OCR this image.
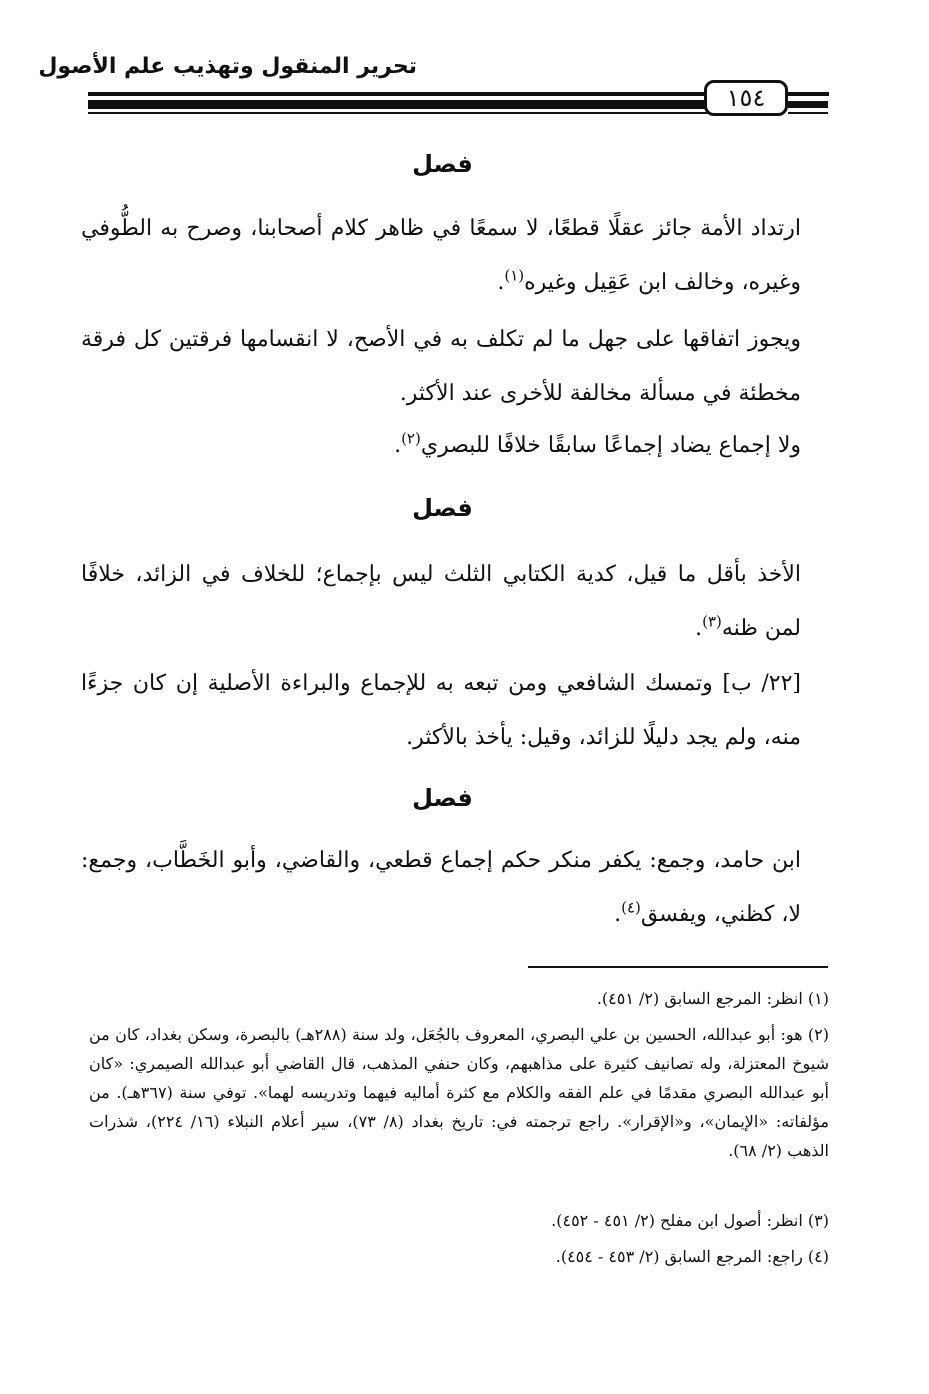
تحرير المنقول وتهذيب علم الأصول
١٥٤
فصل
ارتداد الأمة جائز عقلًا قطعًا، لا سمعًا في ظاهر كلام أصحابنا، وصرح به الطُّوفي وغيره، وخالف ابن عَقِيل وغيره$^{(١)}$.
ويجوز اتفاقها على جهل ما لم تكلف به في الأصح، لا انقسامها فرقتين كل فرقة مخطئة في مسألة مخالفة للأخرى عند الأكثر.
ولا إجماع يضاد إجماعًا سابقًا خلافًا للبصري$^{(٢)}$.
فصل
الأخذ بأقل ما قيل، كدية الكتابي الثلث ليس بإجماع؛ للخلاف في الزائد، خلافًا لمن ظنه$^{(٣)}$.
[٢٢/ ب] وتمسك الشافعي ومن تبعه به للإجماع والبراءة الأصلية إن كان جزءًا منه، ولم يجد دليلًا للزائد، وقيل: يأخذ بالأكثر.
فصل
ابن حامد، وجمع: يكفر منكر حكم إجماع قطعي، والقاضي، وأبو الخَطَّاب، وجمع: لا، كظني، ويفسق$^{(٤)}$.
(١) انظر: المرجع السابق (٢/ ٤٥١).
(٢) هو: أبو عبدالله، الحسين بن علي البصري، المعروف بالجُعَل، ولد سنة (٢٨٨هـ) بالبصرة، وسكن بغداد، كان من شيوخ المعتزلة، وله تصانيف كثيرة على مذاهبهم، وكان حنفي المذهب، قال القاضي أبو عبدالله الصيمري: «كان أبو عبدالله البصري مقدمًا في علم الفقه والكلام مع كثرة أماليه فيهما وتدريسه لهما». توفي سنة (٣٦٧هـ). من مؤلفاته: «الإيمان»، و«الإقرار». راجع ترجمته في: تاريخ بغداد (٨/ ٧٣)، سير أعلام النبلاء (١٦/ ٢٢٤)، شذرات الذهب (٢/ ٦٨).
(٣) انظر: أصول ابن مفلح (٢/ ٤٥١ - ٤٥٢).
(٤) راجع: المرجع السابق (٢/ ٤٥٣ - ٤٥٤).
